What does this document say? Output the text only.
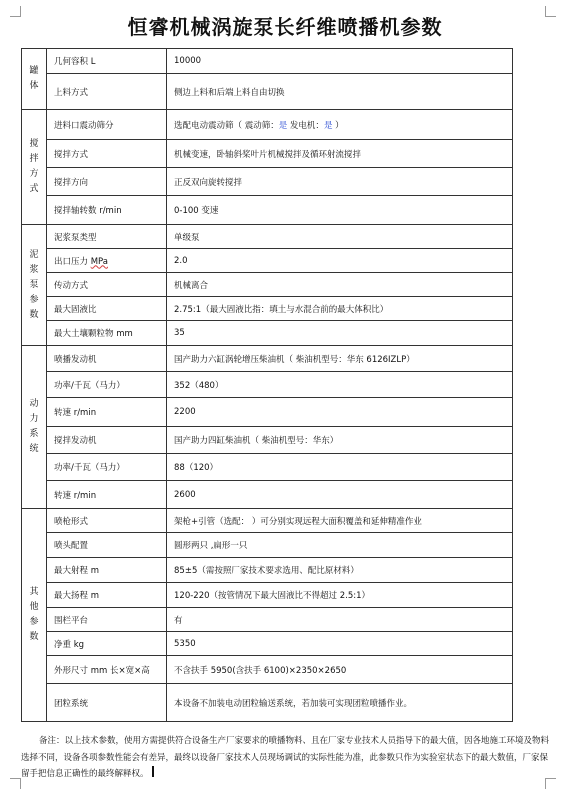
恒睿机械涡旋泵长纤维喷播机参数
罐体	几何容积 L	10000
	上料方式	侧边上料和后端上料自由切换
搅拌方式	进料口震动筛分	选配电动震动筛（ 震动筛：是 发电机：是 ）
	搅拌方式	机械变速，卧轴斜桨叶片机械搅拌及循环射流搅拌
	搅拌方向	正反双向旋转搅拌
	搅拌轴转数 r/min	0-100 变速
泥浆泵参数	泥浆泵类型	单级泵
	出口压力 MPa	2.0
	传动方式	机械离合
	最大固液比	2.75:1（最大固液比指：填土与水混合前的最大体积比）
	最大土壤颗粒物 mm	35
动力系统	喷播发动机	国产助力六缸涡轮增压柴油机（ 柴油机型号：华东 6126IZLP）
	功率/千瓦（马力）	352（480）
	转速 r/min	2200
	搅拌发动机	国产助力四缸柴油机（ 柴油机型号：华东）
	功率/千瓦（马力）	88（120）
	转速 r/min	2600
其他参数	喷枪形式	架枪+引管（选配： ）可分别实现远程大面积覆盖和延伸精准作业
	喷头配置	圆形两只 ,扁形一只
	最大射程 m	85±5（需按照厂家技术要求选用、配比原材料）
	最大扬程 m	120-220（按管情况下最大固液比不得超过 2.5:1）
	围栏平台	有
	净重 kg	5350
	外形尺寸 mm 长×宽×高	不含扶手 5950(含扶手 6100)×2350×2650
	团粒系统	本设备不加装电动团粒输送系统，若加装可实现团粒喷播作业。

备注：以上技术参数，使用方需提供符合设备生产厂家要求的喷播物料、且在厂家专业技术人员指导下的最大值，因各地施工环境及物料选择不同，设备各项参数性能会有差异，最终以设备厂家技术人员现场调试的实际性能为准，此参数只作为实验室状态下的最大数值，厂家保留手把信息正确性的最终解释权。
